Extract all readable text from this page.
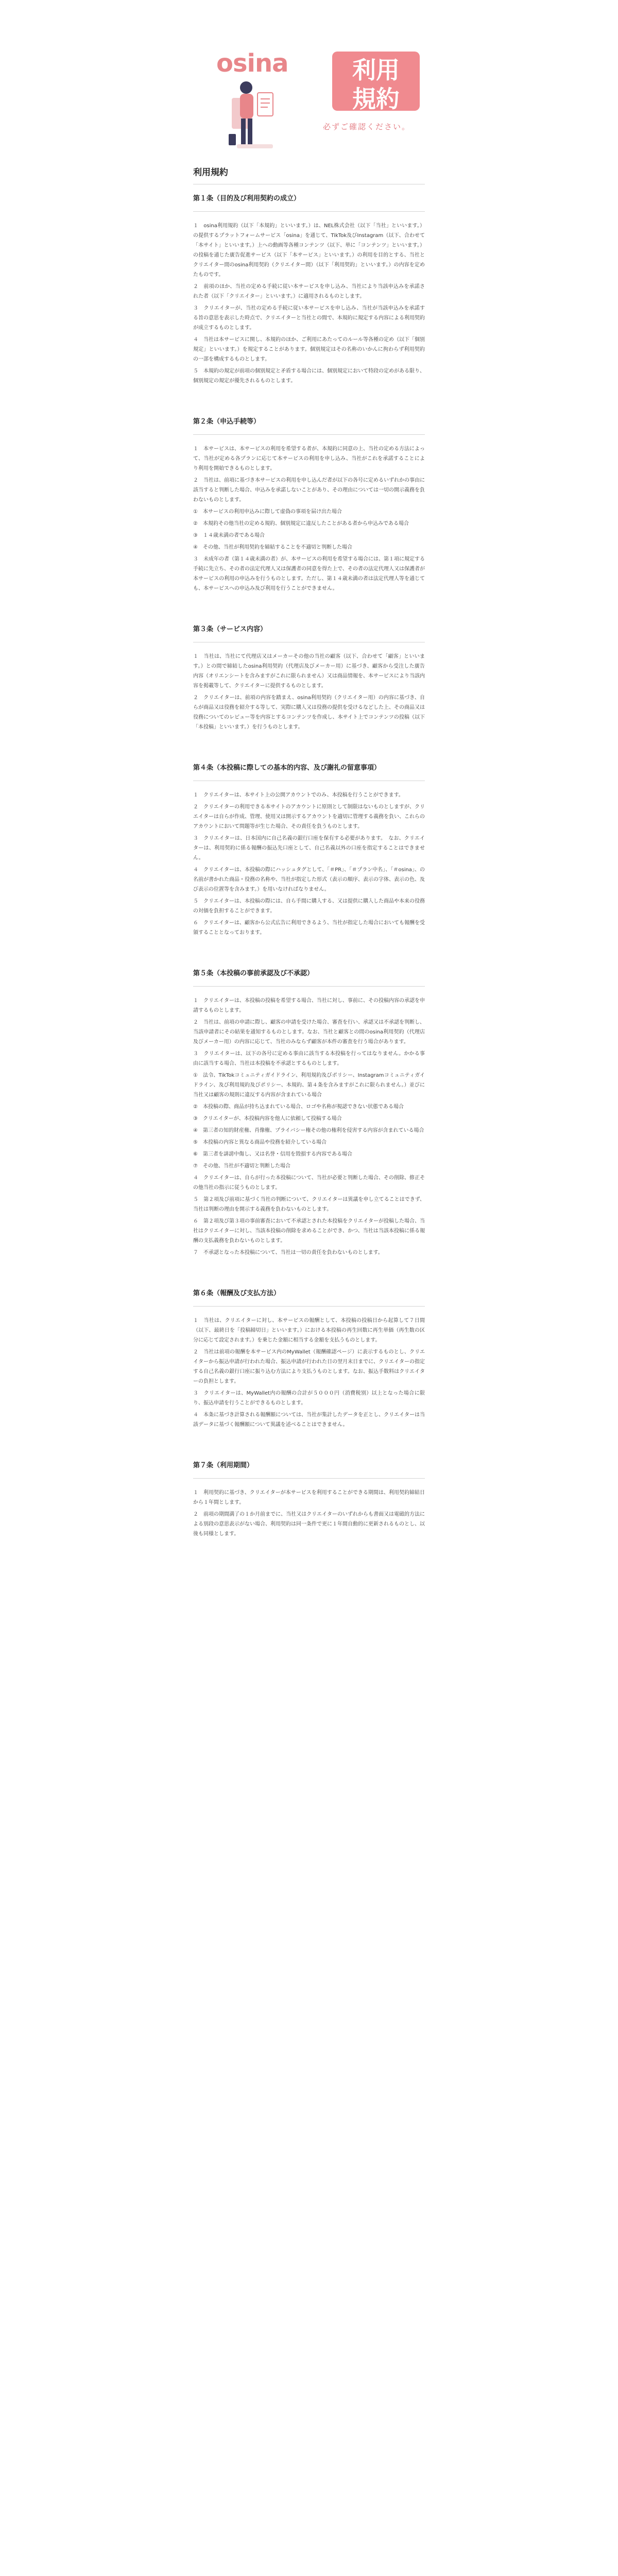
osina	利用
規約
必ずご確認ください。
利用規約
第１条（目的及び利用契約の成立）

１　osina利用規約（以下「本規約」といいます。）は、NEL株式会社（以下「当社」といいます。）の提供するプラットフォームサービス「osina」を通じて、TikTok及びInstagram（以下、合わせて「本サイト」といいます。）上への動画等各種コンテンツ（以下、単に「コンテンツ」といいます。）の投稿を通じた廣告促進サービス（以下「本サービス」といいます。）の利用を目的とする、当社とクリエイター間のosina利用契約（クリエイター間）（以下「利用契約」といいます。）の内容を定めたものです。

２　前項のほか、当社の定める手続に従い本サービスを申し込み、当社により当該申込みを承諾された者（以下「クリエイター」といいます。）に適用されるものとします。

３　クリエイターが、当社の定める手続に従い本サービスを申し込み、当社が当該申込みを承諾する旨の意思を表示した時点で、クリエイターと当社との間で、本規約に規定する内容による利用契約が成立するものとします。

４　当社は本サービスに関し、本規約のほか、ご利用にあたってのルール等各種の定め（以下「個別規定」といいます。）を規定することがあります。個別規定はその名称のいかんに拘わらず利用契約の一部を構成するものとします。

５　本規約の規定が前項の個別規定と矛盾する場合には、個別規定において特段の定めがある限り、個別規定の規定が優先されるものとします。

第２条（申込手続等）

１　本サービスは、本サービスの利用を希望する者が、本規約に同意の上、当社の定める方法によって、当社が定める各プランに応じて本サービスの利用を申し込み、当社がこれを承諾することにより利用を開始できるものとします。

２　当社は、前項に基づき本サービスの利用を申し込んだ者が以下の各号に定めるいずれかの事由に該当すると判断した場合、申込みを承諾しないことがあり、その理由については一切の開示義務を負わないものとします。

①　本サービスの利用申込みに際して虚偽の事項を届け出た場合

②　本規約その他当社の定める規約、個別規定に違反したことがある者から申込みである場合

③　１４歳未満の者である場合

④　その他、当社が利用契約を締結することを不適切と判断した場合

３　未成年の者（第１４歳未満の者）が、本サービスの利用を希望する場合には、第１項に規定する手続に先立ち、その者の法定代理人又は保護者の同意を得た上で、その者の法定代理人又は保護者が本サービスの利用の申込みを行うものとします。ただし、第１４歳未満の者は法定代理人等を通じても、本サービスへの申込み及び利用を行うことができません。

第３条（サービス内容）

１　当社は、当社にて代理店又はメーカーその他の当社の顧客（以下、合わせて「顧客」といいます。）との間で締結したosina利用契約（代理店及びメーカー用）に基づき、顧客から受注した廣告内容（オリエンシートを含みますがこれに限られません）又は商品情報を、本サービスにより当該内容を掲載等して、クリエイターに提供するものとします。

２　クリエイターは、前項の内容を踏まえ、osina利用契約（クリエイター用）の内容に基づき、自らが商品又は役務を紹介する等して、実際に購入又は役務の提供を受けるなどした上、その商品又は役務についてのレビュー等を内容とするコンテンツを作成し、本サイト上でコンテンツの投稿（以下「本投稿」といいます。）を行うものとします。

第４条（本投稿に際しての基本的内容、及び謝礼の留意事項）

１　クリエイターは、本サイト上の公開アカウントでのみ、本投稿を行うことができます。

２　クリエイターの利用できる本サイトのアカウントに原則として制限はないものとしますが、クリエイターは自らが作成、管理、使用又は開示するアカウントを適切に管理する義務を負い、これらのアカウントにおいて問題等が生じた場合、その責任を負うものとします。

３　クリエイターは、日本国内に自己名義の銀行口座を保有する必要があります。　なお、クリエイターは、利用契約に係る報酬の振込先口座として、自己名義以外の口座を指定することはできません。

４　クリエイターは、本投稿の際にハッシュタグとして、「＃PR」、「＃プラン中名」、「＃osina」、の名前が書かれた商品・役務の名称や、当社が指定した形式（表示の順序、表示の字体、表示の色、及び表示の位置等を含みます。）を用いなければなりません。

５　クリエイターは、本投稿の際には、自ら手間に購入する、又は提供に購入した商品や本来の役務の対価を負担することができます。

６　クリエイターは、顧客から公式広告に利用できるよう、当社が指定した場合においても報酬を受領することとなっております。

第５条（本投稿の事前承認及び不承認）

１　クリエイターは、本投稿の投稿を希望する場合、当社に対し、事前に、その投稿内容の承認を申請するものとします。

２　当社は、前項の申請に際し、顧客の申請を受けた場合、審査を行い、承認又は不承認を判断し、当該申請者にその結果を通知するものとします。なお、当社と顧客との間のosina利用契約（代理店及びメーカー用）の内容に応じて、当社のみならず顧客が本件の審査を行う場合があります。

３　クリエイターは、以下の各号に定める事由に該当する本投稿を行ってはなりません。かかる事由に該当する場合、当社は本投稿を不承認とするものとします。

①　法令、TikTokコミュニティガイドライン、利用規約及びポリシー、Instagramコミュニティガイドライン、及び利用規約及びポリシー、本規約、第４条を含みますがこれに限られません。）並びに当社又は顧客の規則に違反する内容が含まれている場合

②　本投稿の際、商品が持ち込まれている場合、ロゴや名称が視認できない状態である場合

③　クリエイターが、本投稿内容を他人に依頼して投稿する場合

④　第三者の知的財産権、肖像権、プライバシー権その他の権利を侵害する内容が含まれている場合

⑤　本投稿の内容と異なる商品や役務を紹介している場合

⑥　第三者を誹謗中傷し、又は名誉・信用を毀損する内容である場合

⑦　その他、当社が不適切と判断した場合

４　クリエイターは、自らが行った本投稿について、当社が必要と判断した場合、その削除、修正その他当社の指示に従うものとします。

５　第２項及び前項に基づく当社の判断について、クリエイターは異議を申し立てることはできず、当社は判断の理由を開示する義務を負わないものとします。

６　第２項及び第３項の事前審査において不承認とされた本投稿をクリエイターが投稿した場合、当社はクリエイターに対し、当該本投稿の削除を求めることができ、かつ、当社は当該本投稿に係る報酬の支払義務を負わないものとします。

７　不承認となった本投稿について、当社は一切の責任を負わないものとします。

第６条（報酬及び支払方法）

１　当社は、クリエイターに対し、本サービスの報酬として、本投稿の投稿日から起算して７日間（以下、最終日を「投稿締切日」といいます。）における本投稿の再生回数に再生単価（再生数の区分に応じて設定されます。）を乗じた金額に相当する金額を支払うものとします。

２　当社は前項の報酬を本サービス内のMyWallet（報酬確認ページ）に表示するものとし、クリエイターから振込申請が行われた場合、振込申請が行われた日の翌月末日までに、クリエイターの指定する自己名義の銀行口座に振り込む方法により支払うものとします。なお、振込手数料はクリエイターの負担とします。

３　クリエイターは、MyWallet内の報酬の合計が５０００円（消費税別）以上となった場合に限り、振込申請を行うことができるものとします。

４　本条に基づき計算される報酬額については、当社が集計したデータを正とし、クリエイターは当該データに基づく報酬額について異議を述べることはできません。

第７条（利用期間）

１　利用契約に基づき、クリエイターが本サービスを利用することができる期間は、利用契約締結日から１年間とします。

２　前項の期間満了の１か月前までに、当社又はクリエイターのいずれからも書面又は電磁的方法による別段の意思表示がない場合、利用契約は同一条件で更に１年間自動的に更新されるものとし、以後も同様とします。
